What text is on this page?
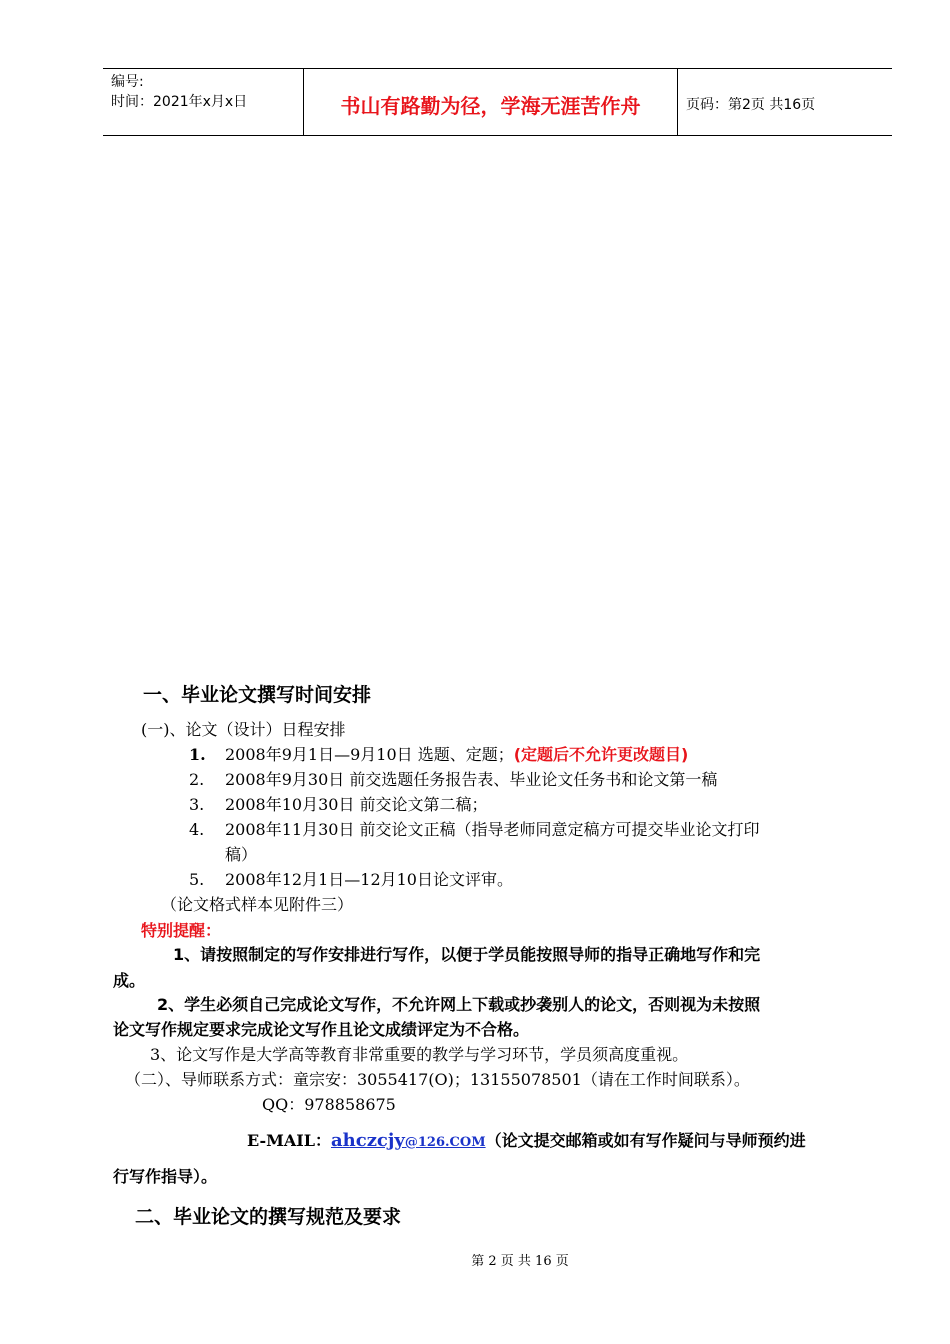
编号:
时间：2021年x月x日	书山有路勤为径，学海无涯苦作舟	页码：第2页 共16页
一、毕业论文撰写时间安排
(一)、论文（设计）日程安排
1. 2008年9月1日—9月10日 选题、定题；(定题后不允许更改题目)
2. 2008年9月30日 前交选题任务报告表、毕业论文任务书和论文第一稿
3. 2008年10月30日 前交论文第二稿；
4. 2008年11月30日 前交论文正稿（指导老师同意定稿方可提交毕业论文打印
稿）
5. 2008年12月1日—12月10日论文评审。
（论文格式样本见附件三）
特别提醒：
1、请按照制定的写作安排进行写作，以便于学员能按照导师的指导正确地写作和完
成。
2、学生必须自己完成论文写作，不允许网上下载或抄袭别人的论文，否则视为未按照
论文写作规定要求完成论文写作且论文成绩评定为不合格。
3、论文写作是大学高等教育非常重要的教学与学习环节，学员须高度重视。
（二）、导师联系方式：童宗安：3055417(O)；13155078501（请在工作时间联系）。
QQ：978858675
E-MAIL：ahczcjy@126.COM（论文提交邮箱或如有写作疑问与导师预约进
行写作指导）。
二、毕业论文的撰写规范及要求
第 2 页 共 16 页
